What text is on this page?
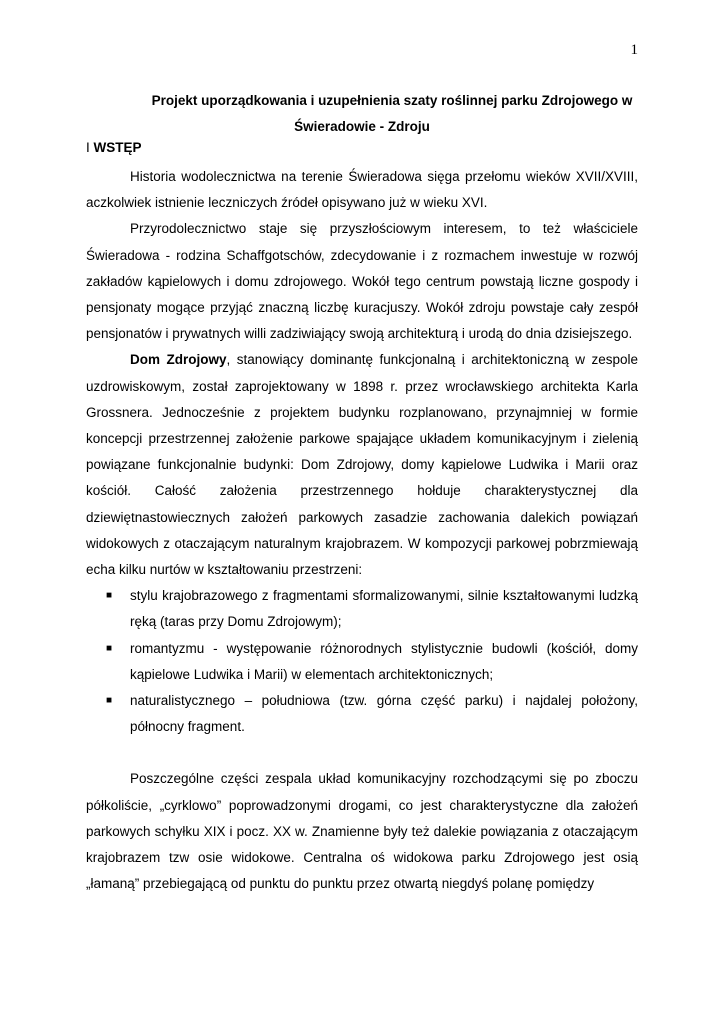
1
Projekt uporządkowania i uzupełnienia szaty roślinnej parku Zdrojowego w
Świeradowie - Zdroju
I WSTĘP

Historia wodolecznictwa na terenie Świeradowa sięga przełomu wieków XVII/XVIII, aczkolwiek istnienie leczniczych źródeł opisywano już w wieku XVI.

Przyrodolecznictwo staje się przyszłościowym interesem, to też właściciele Świeradowa - rodzina Schaffgotschów, zdecydowanie i z rozmachem inwestuje w rozwój zakładów kąpielowych i domu zdrojowego. Wokół tego centrum powstają liczne gospody i pensjonaty mogące przyjąć znaczną liczbę kuracjuszy. Wokół zdroju powstaje cały zespół pensjonatów i prywatnych willi zadziwiający swoją architekturą i urodą do dnia dzisiejszego.

Dom Zdrojowy, stanowiący dominantę funkcjonalną i architektoniczną w zespole uzdrowiskowym, został zaprojektowany w 1898 r. przez wrocławskiego architekta Karla Grossnera. Jednocześnie z projektem budynku rozplanowano, przynajmniej w formie koncepcji przestrzennej założenie parkowe spajające układem komunikacyjnym i zielenią powiązane funkcjonalnie budynki: Dom Zdrojowy, domy kąpielowe Ludwika i Marii oraz kościół. Całość założenia przestrzennego hołduje charakterystycznej dla dziewiętnastowiecznych założeń parkowych zasadzie zachowania dalekich powiązań widokowych z otaczającym naturalnym krajobrazem. W kompozycji parkowej pobrzmiewają echa kilku nurtów w kształtowaniu przestrzeni:

■ stylu krajobrazowego z fragmentami sformalizowanymi, silnie kształtowanymi ludzką ręką (taras przy Domu Zdrojowym);
■ romantyzmu - występowanie różnorodnych stylistycznie budowli (kościół, domy kąpielowe Ludwika i Marii) w elementach architektonicznych;
■ naturalistycznego – południowa (tzw. górna część parku) i najdalej położony, północny fragment.

Poszczególne części zespala układ komunikacyjny rozchodzącymi się po zboczu półkoliście, „cyrklowo” poprowadzonymi drogami, co jest charakterystyczne dla założeń parkowych schyłku XIX i pocz. XX w. Znamienne były też dalekie powiązania z otaczającym krajobrazem tzw osie widokowe. Centralna oś widokowa parku Zdrojowego jest osią „łamaną” przebiegającą od punktu do punktu przez otwartą niegdyś polanę pomiędzy
